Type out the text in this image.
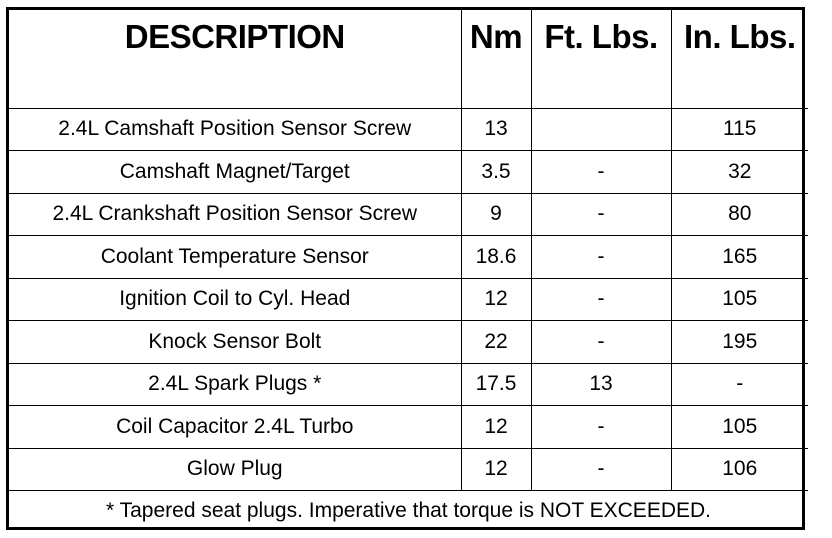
DESCRIPTION	Nm	Ft. Lbs.	In. Lbs.
2.4L Camshaft Position Sensor Screw	13		115
Camshaft Magnet/Target	3.5	-	32
2.4L Crankshaft Position Sensor Screw	9	-	80
Coolant Temperature Sensor	18.6	-	165
Ignition Coil to Cyl. Head	12	-	105
Knock Sensor Bolt	22	-	195
2.4L Spark Plugs *	17.5	13	-
Coil Capacitor 2.4L Turbo	12	-	105
Glow Plug	12	-	106
* Tapered seat plugs. Imperative that torque is NOT EXCEEDED.			
